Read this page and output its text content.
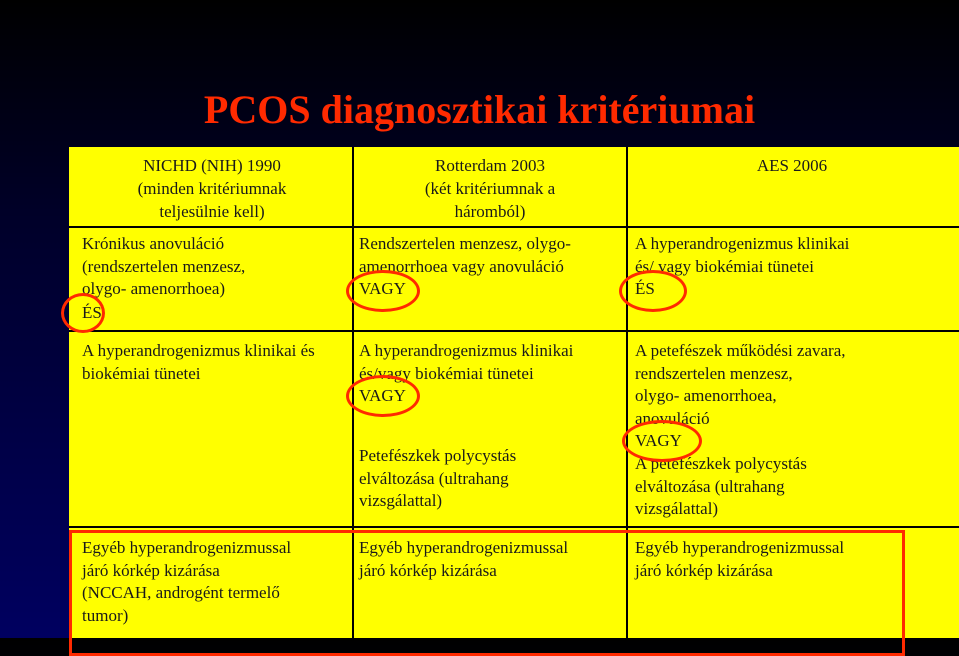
PCOS diagnosztikai kritériumai
NICHD (NIH) 1990
(minden kritériumnak
teljesülnie kell)
Krónikus anovuláció
(rendszertelen menzesz,
olygo- amenorrhoea)
ÉS
A hyperandrogenizmus klinikai és
biokémiai tünetei
Egyéb hyperandrogenizmussal
járó kórkép kizárása
(NCCAH, androgént termelő
tumor)
Rotterdam 2003
(két kritériumnak a
háromból)
Rendszertelen menzesz, olygo-
amenorrhoea vagy anovuláció
VAGY
A hyperandrogenizmus klinikai
és/vagy biokémiai tünetei
VAGY
Petefészkek polycystás
elváltozása (ultrahang
vizsgálattal)
Egyéb hyperandrogenizmussal
járó kórkép kizárása
AES 2006
A hyperandrogenizmus klinikai
és/ vagy biokémiai tünetei
ÉS
A petefészek működési zavara,
rendszertelen menzesz,
olygo- amenorrhoea,
anovuláció
VAGY
A petefészkek polycystás
elváltozása (ultrahang
vizsgálattal)
Egyéb hyperandrogenizmussal
járó kórkép kizárása
